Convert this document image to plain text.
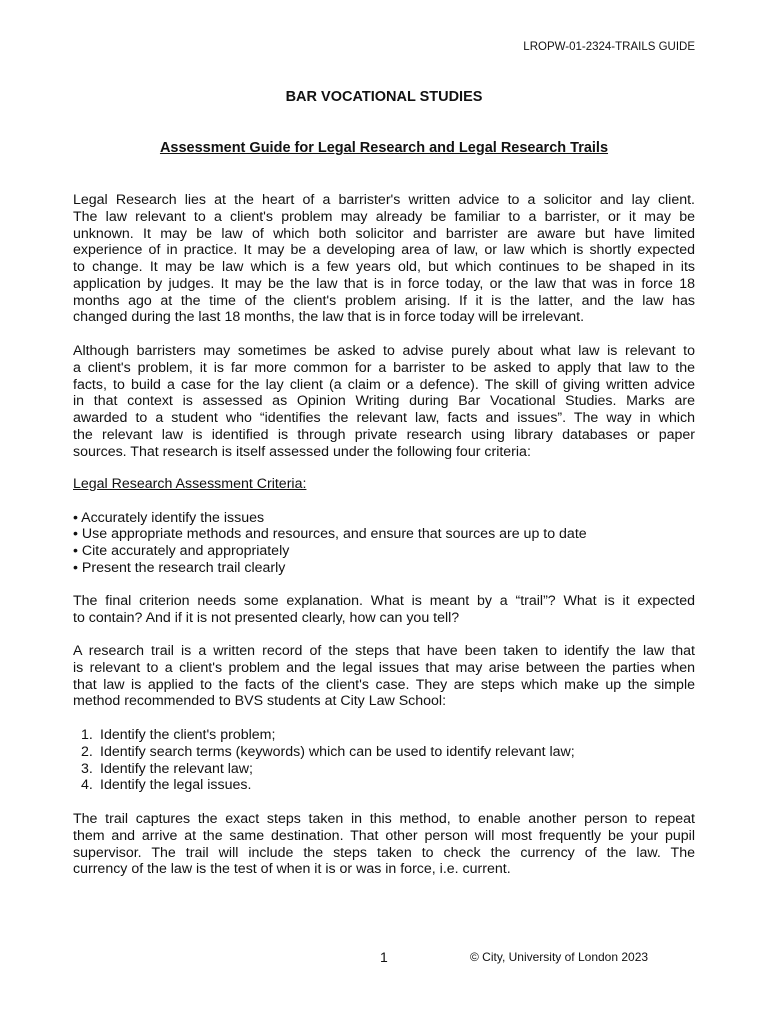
LROPW-01-2324-TRAILS GUIDE
BAR VOCATIONAL STUDIES
Assessment Guide for Legal Research and Legal Research Trails
Legal Research lies at the heart of a barrister's written advice to a solicitor and lay client.
The law relevant to a client's problem may already be familiar to a barrister, or it may be
unknown. It may be law of which both solicitor and barrister are aware but have limited
experience of in practice. It may be a developing area of law, or law which is shortly expected
to change. It may be law which is a few years old, but which continues to be shaped in its
application by judges. It may be the law that is in force today, or the law that was in force 18
months ago at the time of the client's problem arising. If it is the latter, and the law has
changed during the last 18 months, the law that is in force today will be irrelevant.
Although barristers may sometimes be asked to advise purely about what law is relevant to
a client's problem, it is far more common for a barrister to be asked to apply that law to the
facts, to build a case for the lay client (a claim or a defence). The skill of giving written advice
in that context is assessed as Opinion Writing during Bar Vocational Studies. Marks are
awarded to a student who “identifies the relevant law, facts and issues”. The way in which
the relevant law is identified is through private research using library databases or paper
sources. That research is itself assessed under the following four criteria:
Legal Research Assessment Criteria:
• Accurately identify the issues
• Use appropriate methods and resources, and ensure that sources are up to date
• Cite accurately and appropriately
• Present the research trail clearly
The final criterion needs some explanation. What is meant by a “trail”? What is it expected
to contain? And if it is not presented clearly, how can you tell?
A research trail is a written record of the steps that have been taken to identify the law that
is relevant to a client's problem and the legal issues that may arise between the parties when
that law is applied to the facts of the client's case. They are steps which make up the simple
method recommended to BVS students at City Law School:
1. Identify the client's problem;
2. Identify search terms (keywords) which can be used to identify relevant law;
3. Identify the relevant law;
4. Identify the legal issues.
The trail captures the exact steps taken in this method, to enable another person to repeat
them and arrive at the same destination. That other person will most frequently be your pupil
supervisor. The trail will include the steps taken to check the currency of the law. The
currency of the law is the test of when it is or was in force, i.e. current.
1	© City, University of London 2023
